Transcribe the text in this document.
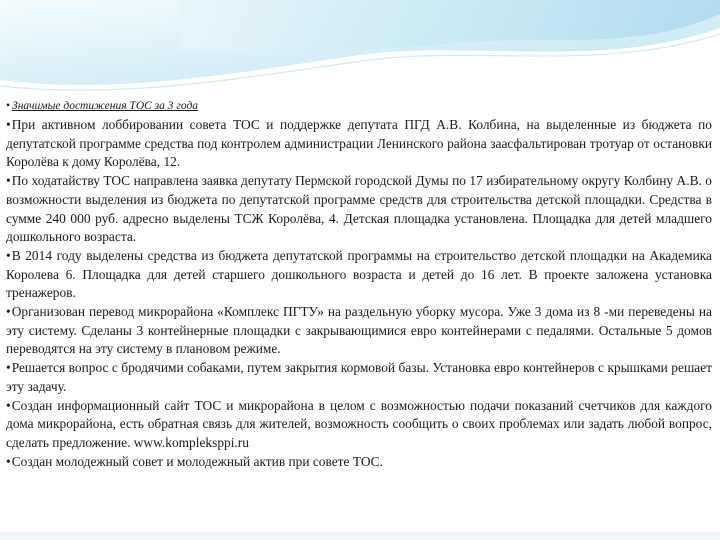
• Значимые достижения ТОС за 3 года

•При активном лоббировании совета ТОС и поддержке депутата ПГД А.В. Колбина, на выделенные из бюджета по депутатской программе средства под контролем администрации Ленинского района заасфальтирован тротуар от остановки Королёва к дому Королёва, 12.

•По ходатайству ТОС направлена заявка депутату Пермской городской Думы по 17 избирательному округу Колбину А.В. о возможности выделения из бюджета по депутатской программе средств для строительства детской площадки. Средства в сумме 240 000 руб. адресно выделены ТСЖ Королёва, 4. Детская площадка установлена. Площадка для детей младшего дошкольного возраста.

•В 2014 году выделены средства из бюджета депутатской программы на строительство детской площадки на Академика Королева 6. Площадка для детей старшего дошкольного возраста и детей до 16 лет. В проекте заложена установка тренажеров.

•Организован перевод микрорайона «Комплекс ПГТУ» на раздельную уборку мусора. Уже 3 дома из 8 -ми переведены на эту систему. Сделаны 3 контейнерные площадки с закрывающимися евро контейнерами с педалями. Остальные 5 домов переводятся на эту систему в плановом режиме.

•Решается вопрос с бродячими собаками, путем закрытия кормовой базы. Установка евро контейнеров с крышками решает эту задачу.

•Создан информационный сайт ТОС и микрорайона в целом с возможностью подачи показаний счетчиков для каждого дома микрорайона, есть обратная связь для жителей, возможность сообщить о своих проблемах или задать любой вопрос, сделать предложение. www.kompleksppi.ru

•Создан молодежный совет и молодежный актив при совете ТОС.
